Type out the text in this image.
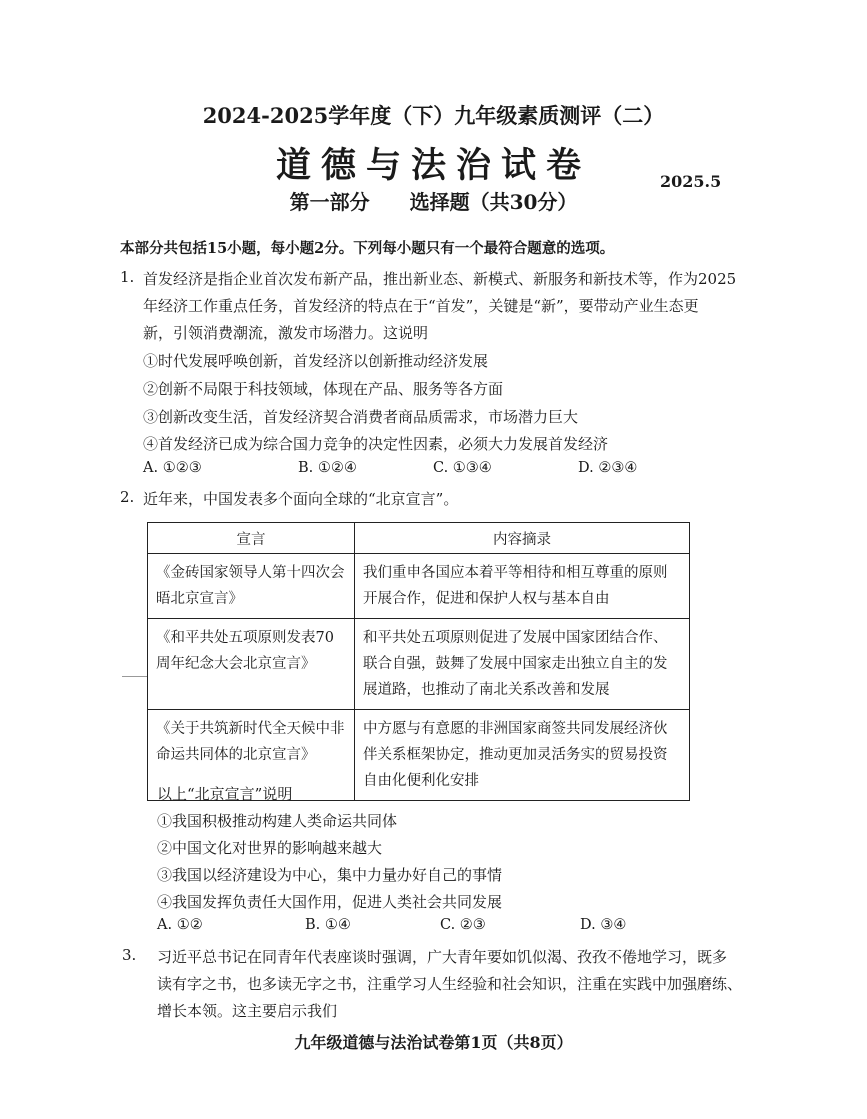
2024-2025学年度（下）九年级素质测评（二）
道德与法治试卷	2025.5
第一部分　　选择题（共30分）
本部分共包括15小题，每小题2分。下列每小题只有一个最符合题意的选项。
1. 首发经济是指企业首次发布新产品，推出新业态、新模式、新服务和新技术等，作为2025
年经济工作重点任务，首发经济的特点在于“首发”，关键是“新”，要带动产业生态更
新，引领消费潮流，激发市场潜力。这说明
①时代发展呼唤创新，首发经济以创新推动经济发展
②创新不局限于科技领域，体现在产品、服务等各方面
③创新改变生活，首发经济契合消费者商品质需求，市场潜力巨大
④首发经济已成为综合国力竞争的决定性因素，必须大力发展首发经济
A. ①②③	B. ①②④	C. ①③④	D. ②③④
2. 近年来，中国发表多个面向全球的“北京宣言”。
宣言	内容摘录
《金砖国家领导人第十四次会晤北京宣言》	我们重申各国应本着平等相待和相互尊重的原则开展合作，促进和保护人权与基本自由
《和平共处五项原则发表70周年纪念大会北京宣言》	和平共处五项原则促进了发展中国家团结合作、联合自强，鼓舞了发展中国家走出独立自主的发展道路，也推动了南北关系改善和发展
《关于共筑新时代全天候中非命运共同体的北京宣言》	中方愿与有意愿的非洲国家商签共同发展经济伙伴关系框架协定，推动更加灵活务实的贸易投资自由化便利化安排
以上“北京宣言”说明
①我国积极推动构建人类命运共同体
②中国文化对世界的影响越来越大
③我国以经济建设为中心，集中力量办好自己的事情
④我国发挥负责任大国作用，促进人类社会共同发展
A. ①②	B. ①④	C. ②③	D. ③④
3. 习近平总书记在同青年代表座谈时强调，广大青年要如饥似渴、孜孜不倦地学习，既多
读有字之书，也多读无字之书，注重学习人生经验和社会知识，注重在实践中加强磨练、
增长本领。这主要启示我们
九年级道德与法治试卷第1页（共8页）
